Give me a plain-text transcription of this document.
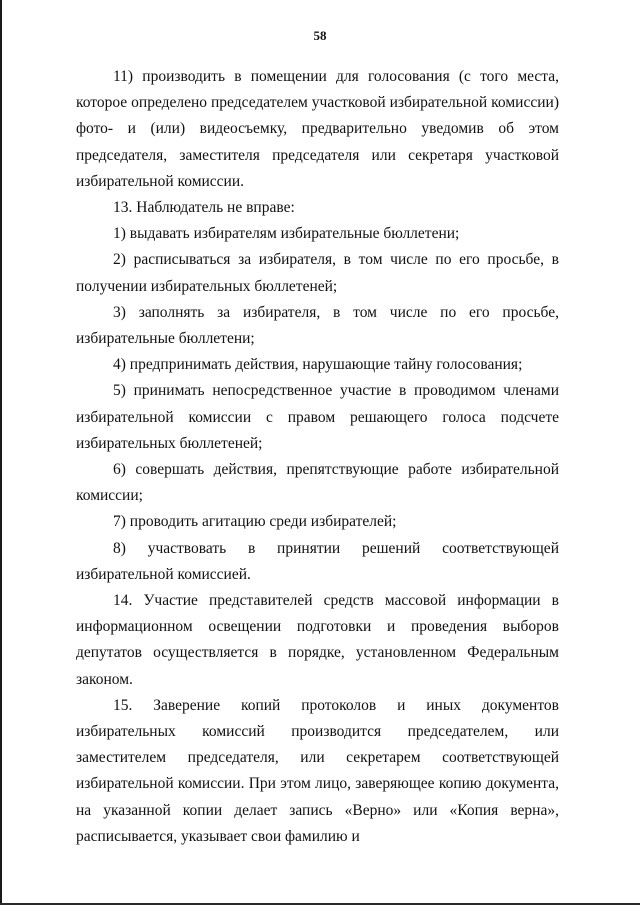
58

11) производить в помещении для голосования (с того места, которое определено председателем участковой избирательной комиссии) фото- и (или) видеосъемку, предварительно уведомив об этом председателя, заместителя председателя или секретаря участковой избирательной комиссии.

13. Наблюдатель не вправе:

1) выдавать избирателям избирательные бюллетени;

2) расписываться за избирателя, в том числе по его просьбе, в получении избирательных бюллетеней;

3) заполнять за избирателя, в том числе по его просьбе, избирательные бюллетени;

4) предпринимать действия, нарушающие тайну голосования;

5) принимать непосредственное участие в проводимом членами избирательной комиссии с правом решающего голоса подсчете избирательных бюллетеней;

6) совершать действия, препятствующие работе избирательной комиссии;

7) проводить агитацию среди избирателей;

8) участвовать в принятии решений соответствующей избирательной комиссией.

14. Участие представителей средств массовой информации в информационном освещении подготовки и проведения выборов депутатов осуществляется в порядке, установленном Федеральным законом.

15. Заверение копий протоколов и иных документов избирательных комиссий производится председателем, или заместителем председателя, или секретарем соответствующей избирательной комиссии. При этом лицо, заверяющее копию документа, на указанной копии делает запись «Верно» или «Копия верна», расписывается, указывает свои фамилию и
